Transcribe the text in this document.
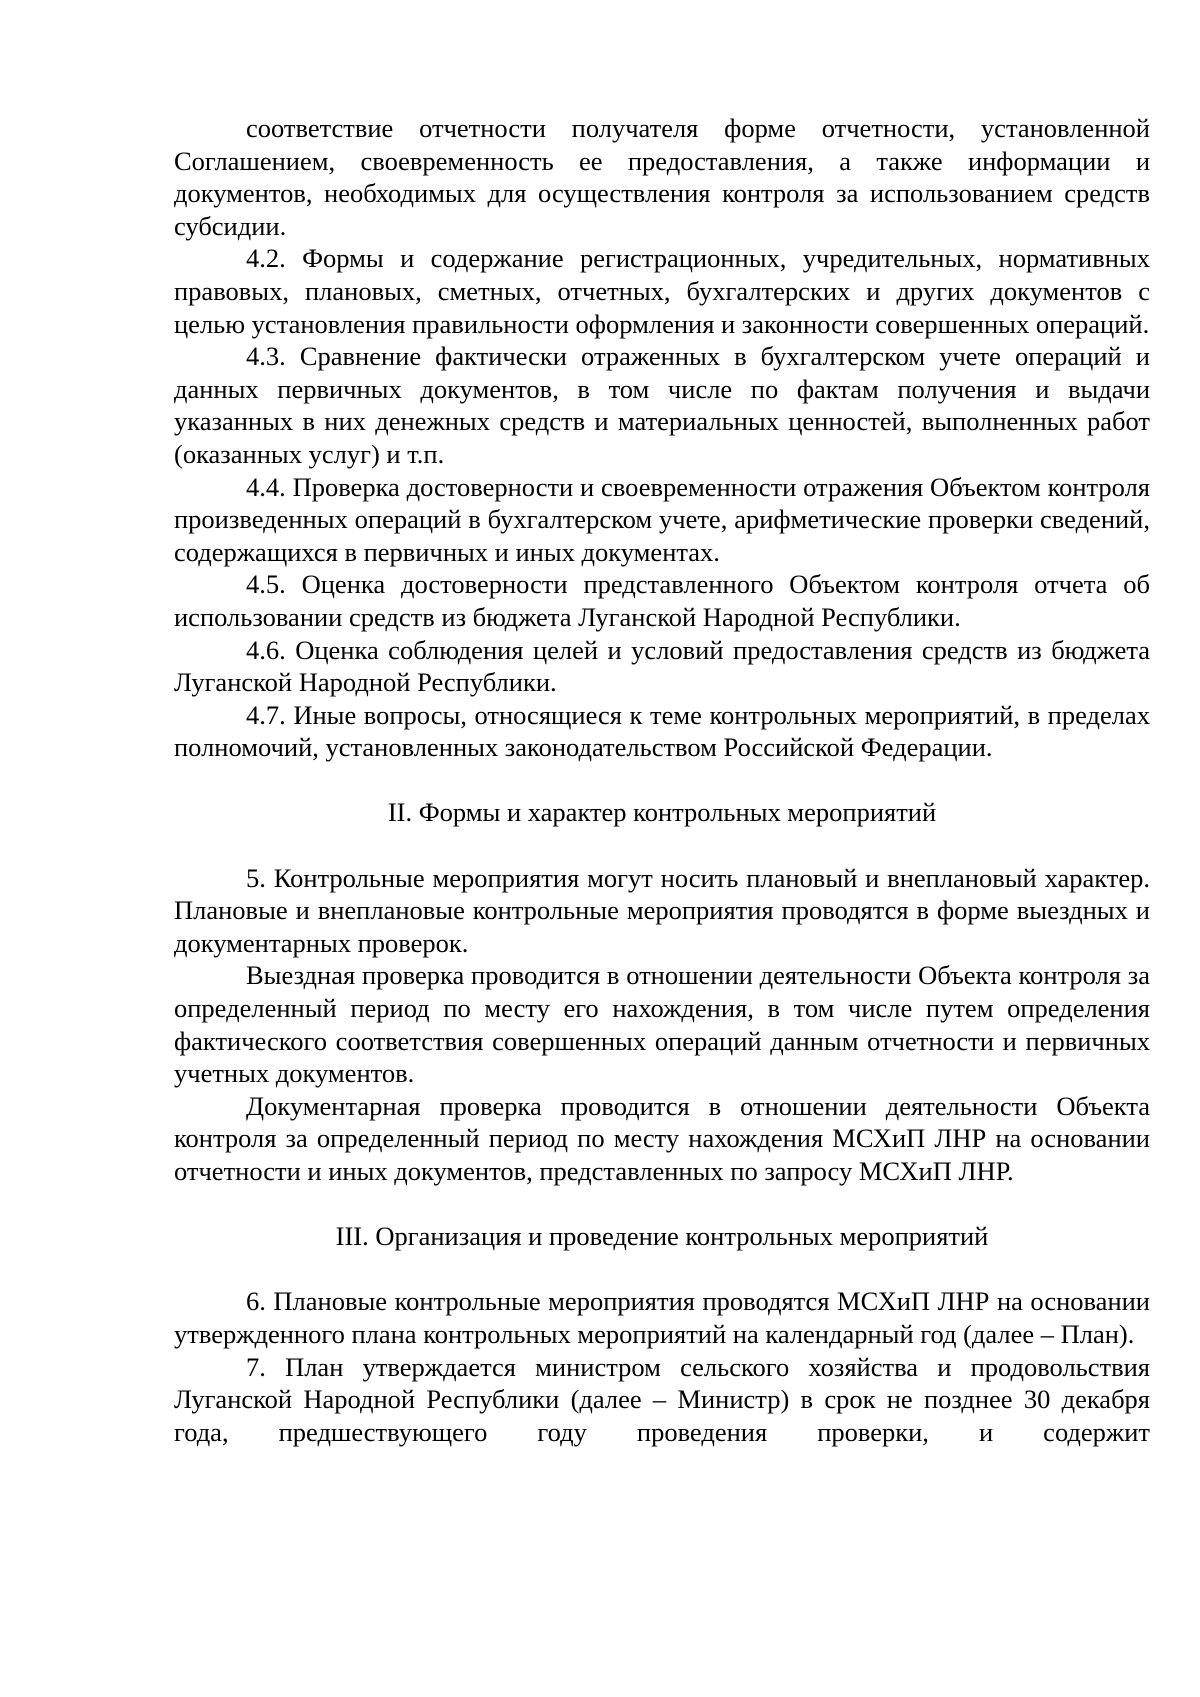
соответствие отчетности получателя форме отчетности, установленной Соглашением, своевременность ее предоставления, а также информации и документов, необходимых для осуществления контроля за использованием средств субсидии.

4.2. Формы и содержание регистрационных, учредительных, нормативных правовых, плановых, сметных, отчетных, бухгалтерских и других документов с целью установления правильности оформления и законности совершенных операций.

4.3. Сравнение фактически отраженных в бухгалтерском учете операций и данных первичных документов, в том числе по фактам получения и выдачи указанных в них денежных средств и материальных ценностей, выполненных работ (оказанных услуг) и т.п.

4.4. Проверка достоверности и своевременности отражения Объектом контроля произведенных операций в бухгалтерском учете, арифметические проверки сведений, содержащихся в первичных и иных документах.

4.5. Оценка достоверности представленного Объектом контроля отчета об использовании средств из бюджета Луганской Народной Республики.

4.6. Оценка соблюдения целей и условий предоставления средств из бюджета Луганской Народной Республики.

4.7. Иные вопросы, относящиеся к теме контрольных мероприятий, в пределах полномочий, установленных законодательством Российской Федерации.

II. Формы и характер контрольных мероприятий

5. Контрольные мероприятия могут носить плановый и внеплановый характер. Плановые и внеплановые контрольные мероприятия проводятся в форме выездных и документарных проверок.

Выездная проверка проводится в отношении деятельности Объекта контроля за определенный период по месту его нахождения, в том числе путем определения фактического соответствия совершенных операций данным отчетности и первичных учетных документов.

Документарная проверка проводится в отношении деятельности Объекта контроля за определенный период по месту нахождения МСХиП ЛНР на основании отчетности и иных документов, представленных по запросу МСХиП ЛНР.

III. Организация и проведение контрольных мероприятий

6. Плановые контрольные мероприятия проводятся МСХиП ЛНР на основании утвержденного плана контрольных мероприятий на календарный год (далее – План).

7. План утверждается министром сельского хозяйства и продовольствия Луганской Народной Республики (далее – Министр) в срок не позднее 30 декабря года, предшествующего году проведения проверки, и содержит
